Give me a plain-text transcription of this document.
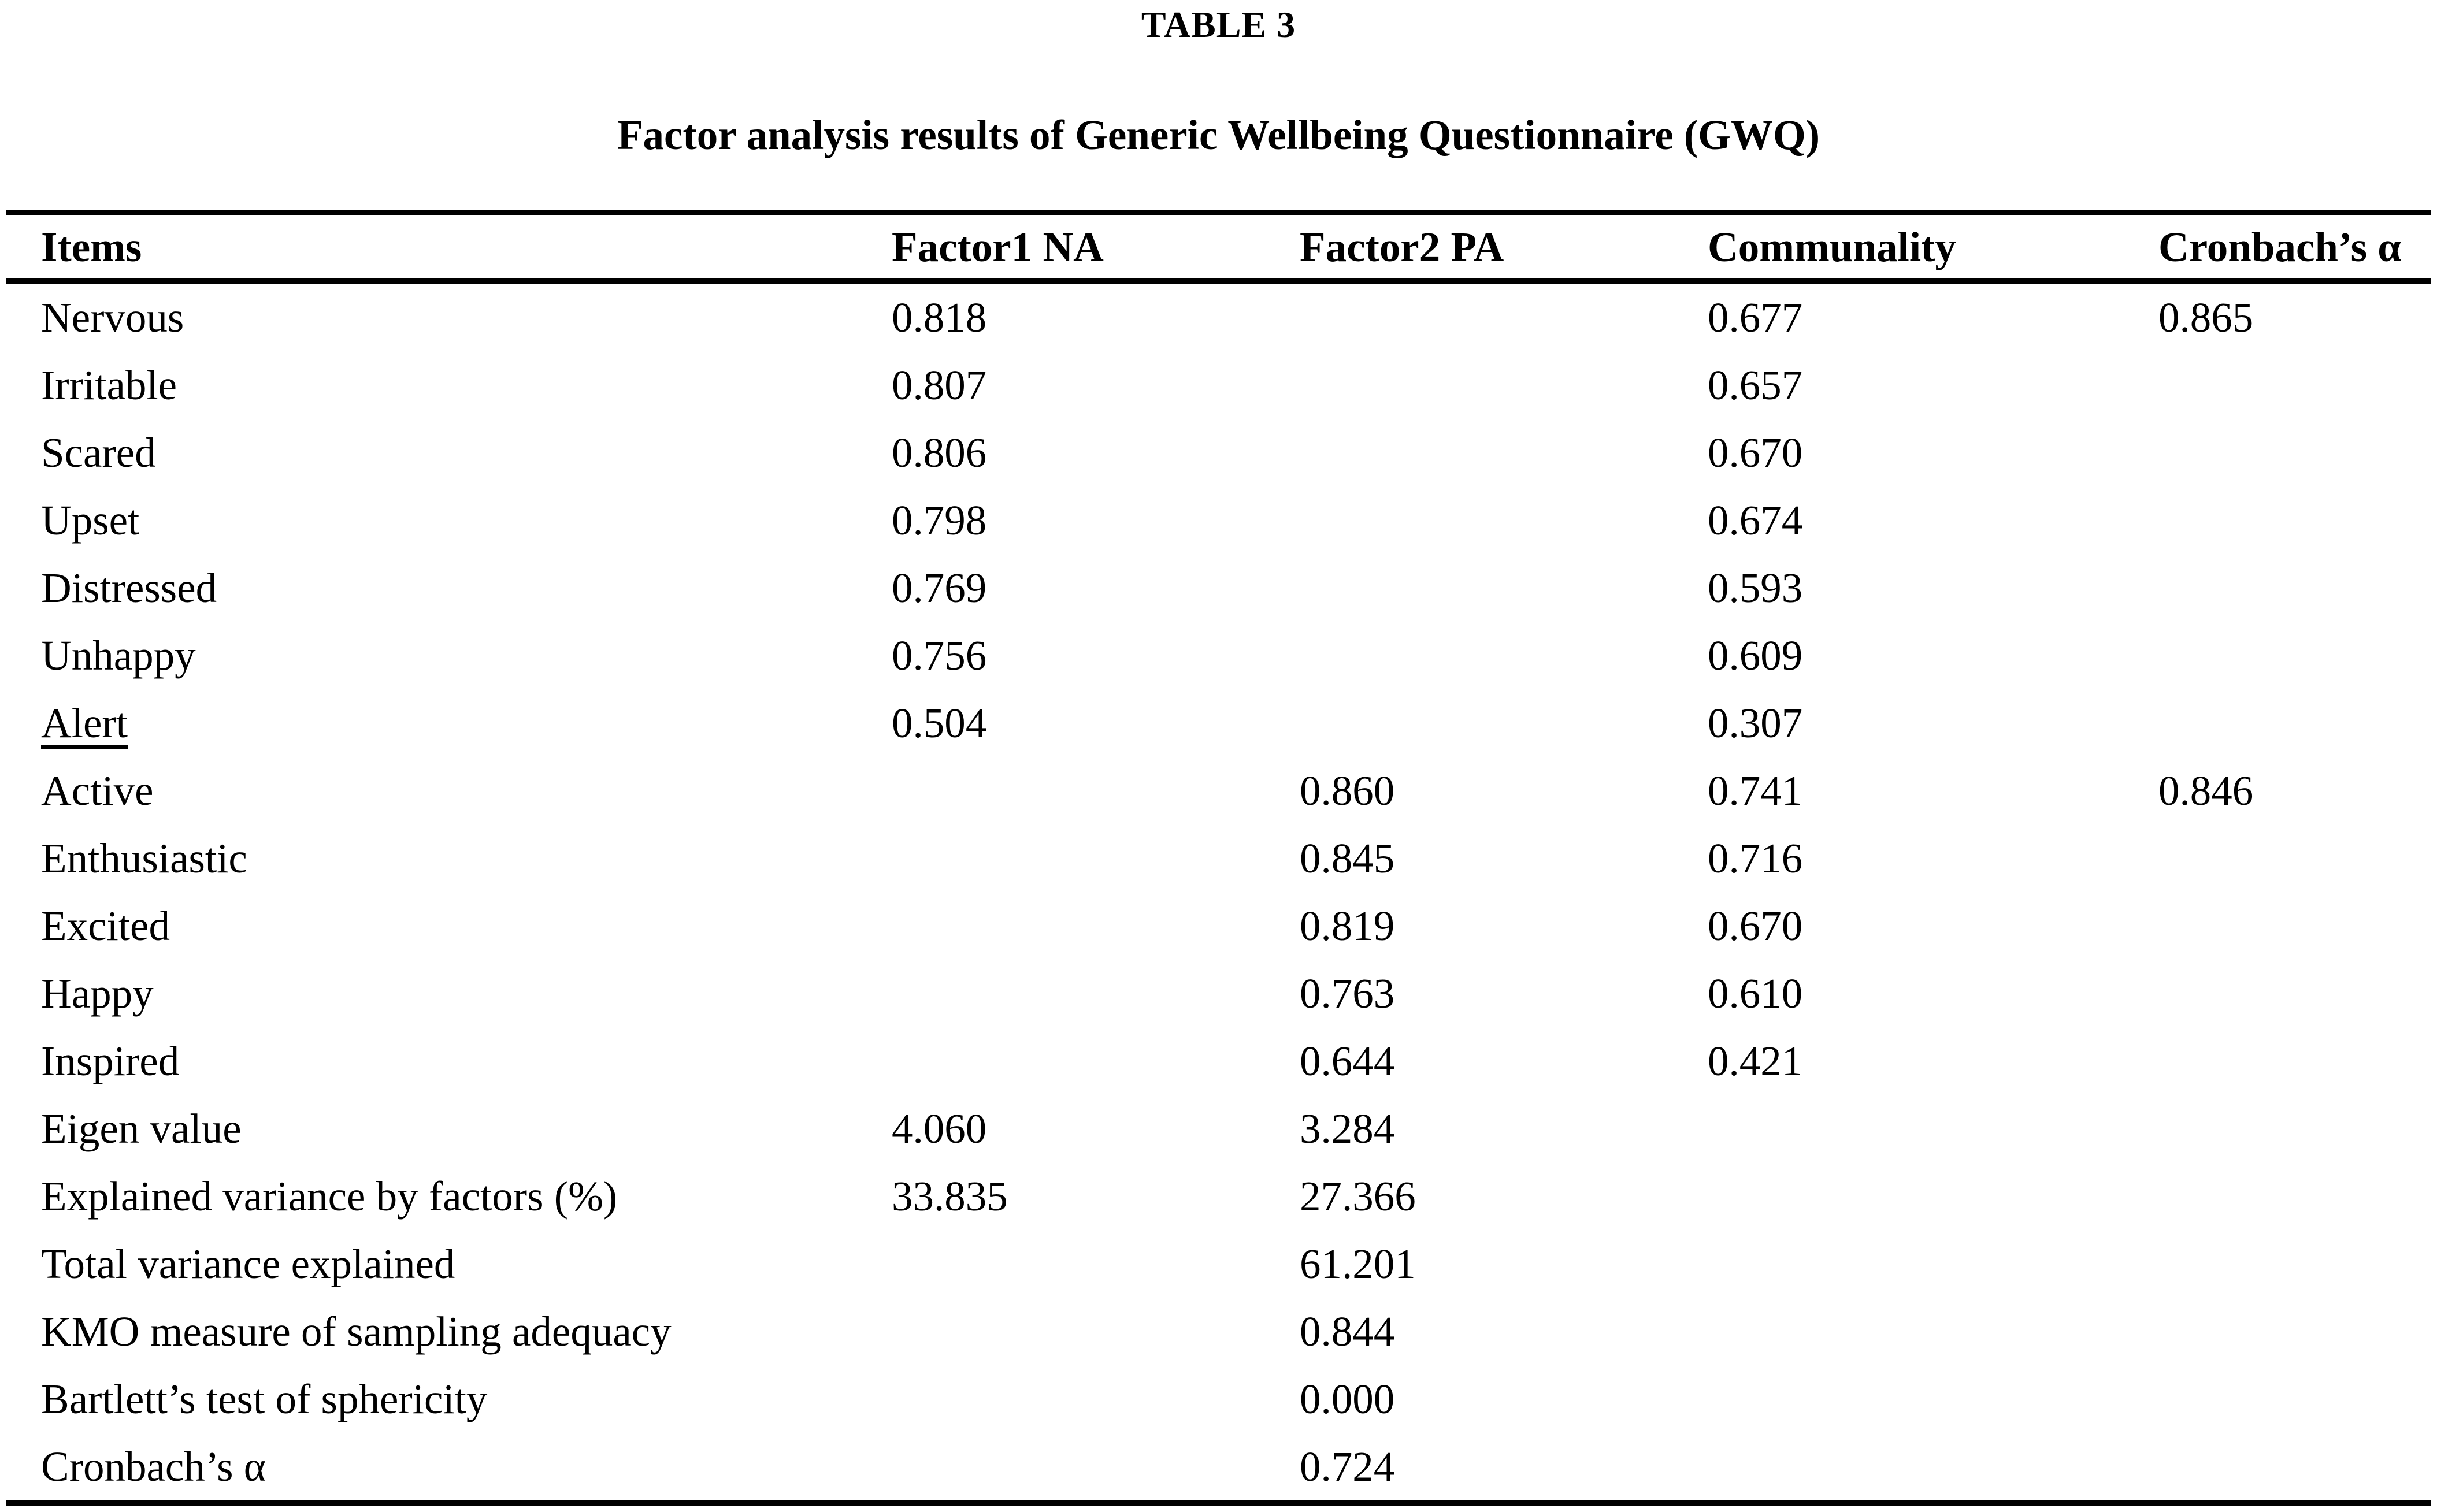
TABLE 3
Factor analysis results of Generic Wellbeing Questionnaire (GWQ)
Items	Factor1 NA	Factor2 PA	Communality	Cronbach’s α
Nervous	0.818		0.677	0.865
Irritable	0.807		0.657	
Scared	0.806		0.670	
Upset	0.798		0.674	
Distressed	0.769		0.593	
Unhappy	0.756		0.609	
Alert	0.504		0.307	
Active		0.860	0.741	0.846
Enthusiastic		0.845	0.716	
Excited		0.819	0.670	
Happy		0.763	0.610	
Inspired		0.644	0.421	
Eigen value	4.060	3.284		
Explained variance by factors (%)	33.835	27.366		
Total variance explained		61.201		
KMO measure of sampling adequacy		0.844		
Bartlett’s test of sphericity		0.000		
Cronbach’s α		0.724		
